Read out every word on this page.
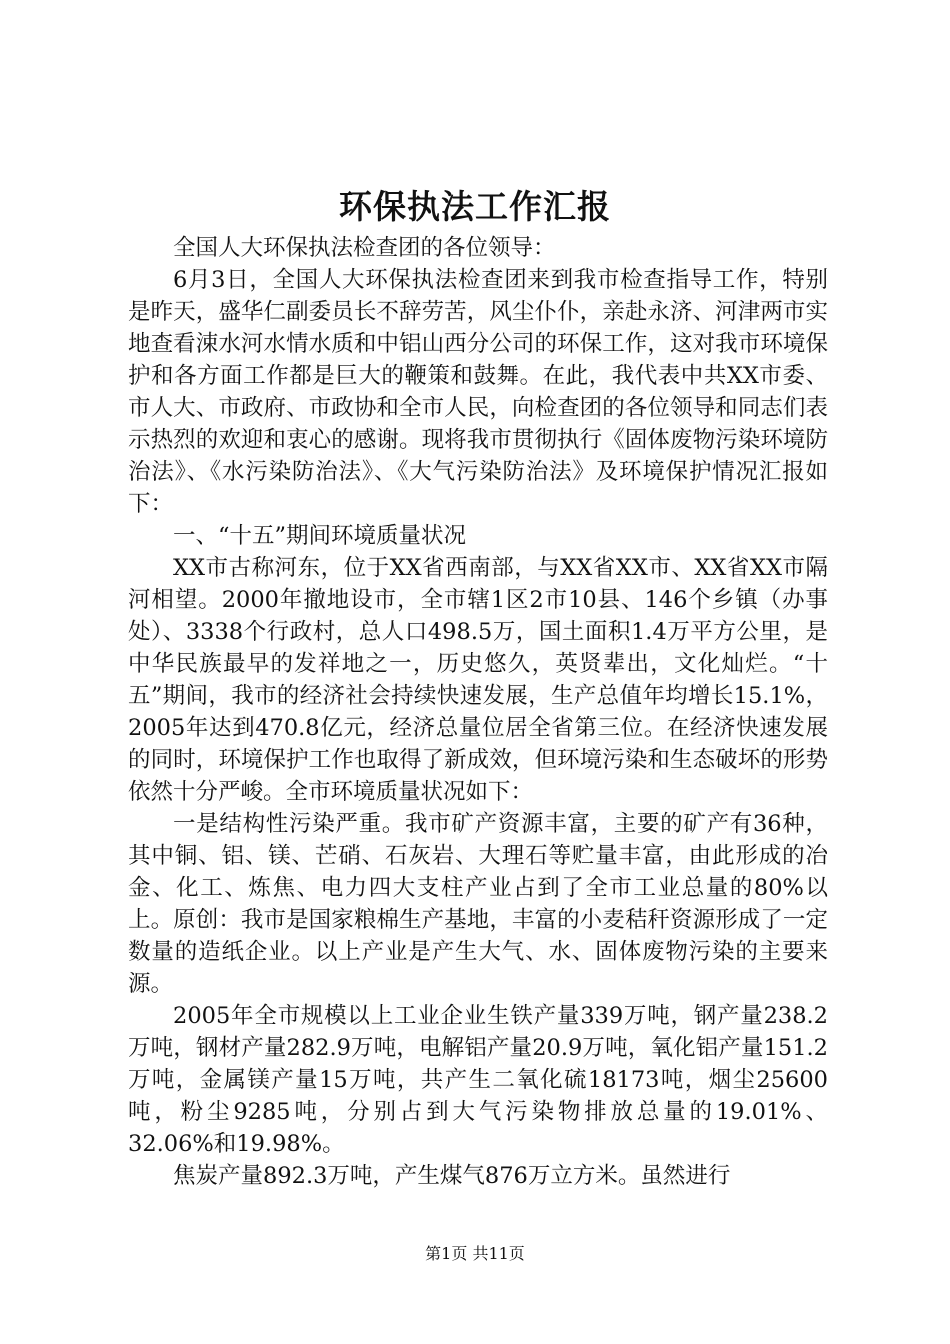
环保执法工作汇报

全国人大环保执法检查团的各位领导：

6月3日，全国人大环保执法检查团来到我市检查指导工作，特别是昨天，盛华仁副委员长不辞劳苦，风尘仆仆，亲赴永济、河津两市实地查看涑水河水情水质和中铝山西分公司的环保工作，这对我市环境保护和各方面工作都是巨大的鞭策和鼓舞。在此，我代表中共XX市委、市人大、市政府、市政协和全市人民，向检查团的各位领导和同志们表示热烈的欢迎和衷心的感谢。现将我市贯彻执行《固体废物污染环境防治法》、《水污染防治法》、《大气污染防治法》及环境保护情况汇报如下：

一、“十五”期间环境质量状况

XX市古称河东，位于XX省西南部，与XX省XX市、XX省XX市隔河相望。2000年撤地设市，全市辖1区2市10县、146个乡镇（办事处）、3338个行政村，总人口498.5万，国土面积1.4万平方公里，是中华民族最早的发祥地之一，历史悠久，英贤辈出，文化灿烂。“十五”期间，我市的经济社会持续快速发展，生产总值年均增长15.1%，2005年达到470.8亿元，经济总量位居全省第三位。在经济快速发展的同时，环境保护工作也取得了新成效，但环境污染和生态破坏的形势依然十分严峻。全市环境质量状况如下：

一是结构性污染严重。我市矿产资源丰富，主要的矿产有36种，其中铜、铝、镁、芒硝、石灰岩、大理石等贮量丰富，由此形成的冶金、化工、炼焦、电力四大支柱产业占到了全市工业总量的80%以上。原创：我市是国家粮棉生产基地，丰富的小麦秸秆资源形成了一定数量的造纸企业。以上产业是产生大气、水、固体废物污染的主要来源。

2005年全市规模以上工业企业生铁产量339万吨，钢产量238.2万吨，钢材产量282.9万吨，电解铝产量20.9万吨，氧化铝产量151.2万吨，金属镁产量15万吨，共产生二氧化硫18173吨，烟尘25600吨，粉尘9285吨，分别占到大气污染物排放总量的19.01%、32.06%和19.98%。

焦炭产量892.3万吨，产生煤气876万立方米。虽然进行

第1页 共11页
